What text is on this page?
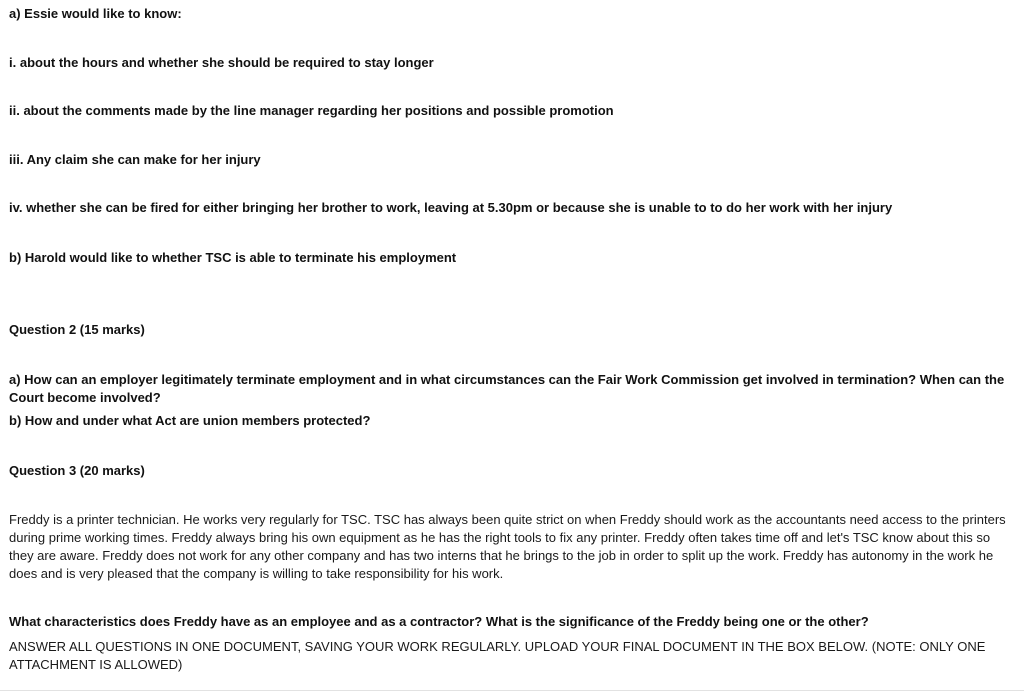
a) Essie would like to know:

i. about the hours and whether she should be required to stay longer

ii. about the comments made by the line manager regarding her positions and possible promotion

iii. Any claim she can make for her injury

iv. whether she can be fired for either bringing her brother to work, leaving at 5.30pm or because she is unable to to do her work with her injury

b) Harold would like to whether TSC is able to terminate his employment

Question 2 (15 marks)

a) How can an employer legitimately terminate employment and in what circumstances can the Fair Work Commission get involved in termination? When can the Court become involved?

b) How and under what Act are union members protected?

Question 3 (20 marks)

Freddy is a printer technician. He works very regularly for TSC. TSC has always been quite strict on when Freddy should work as the accountants need access to the printers during prime working times. Freddy always bring his own equipment as he has the right tools to fix any printer. Freddy often takes time off and let's TSC know about this so they are aware. Freddy does not work for any other company and has two interns that he brings to the job in order to split up the work. Freddy has autonomy in the work he does and is very pleased that the company is willing to take responsibility for his work.

What characteristics does Freddy have as an employee and as a contractor? What is the significance of the Freddy being one or the other?

ANSWER ALL QUESTIONS IN ONE DOCUMENT, SAVING YOUR WORK REGULARLY. UPLOAD YOUR FINAL DOCUMENT IN THE BOX BELOW. (NOTE: ONLY ONE ATTACHMENT IS ALLOWED)
